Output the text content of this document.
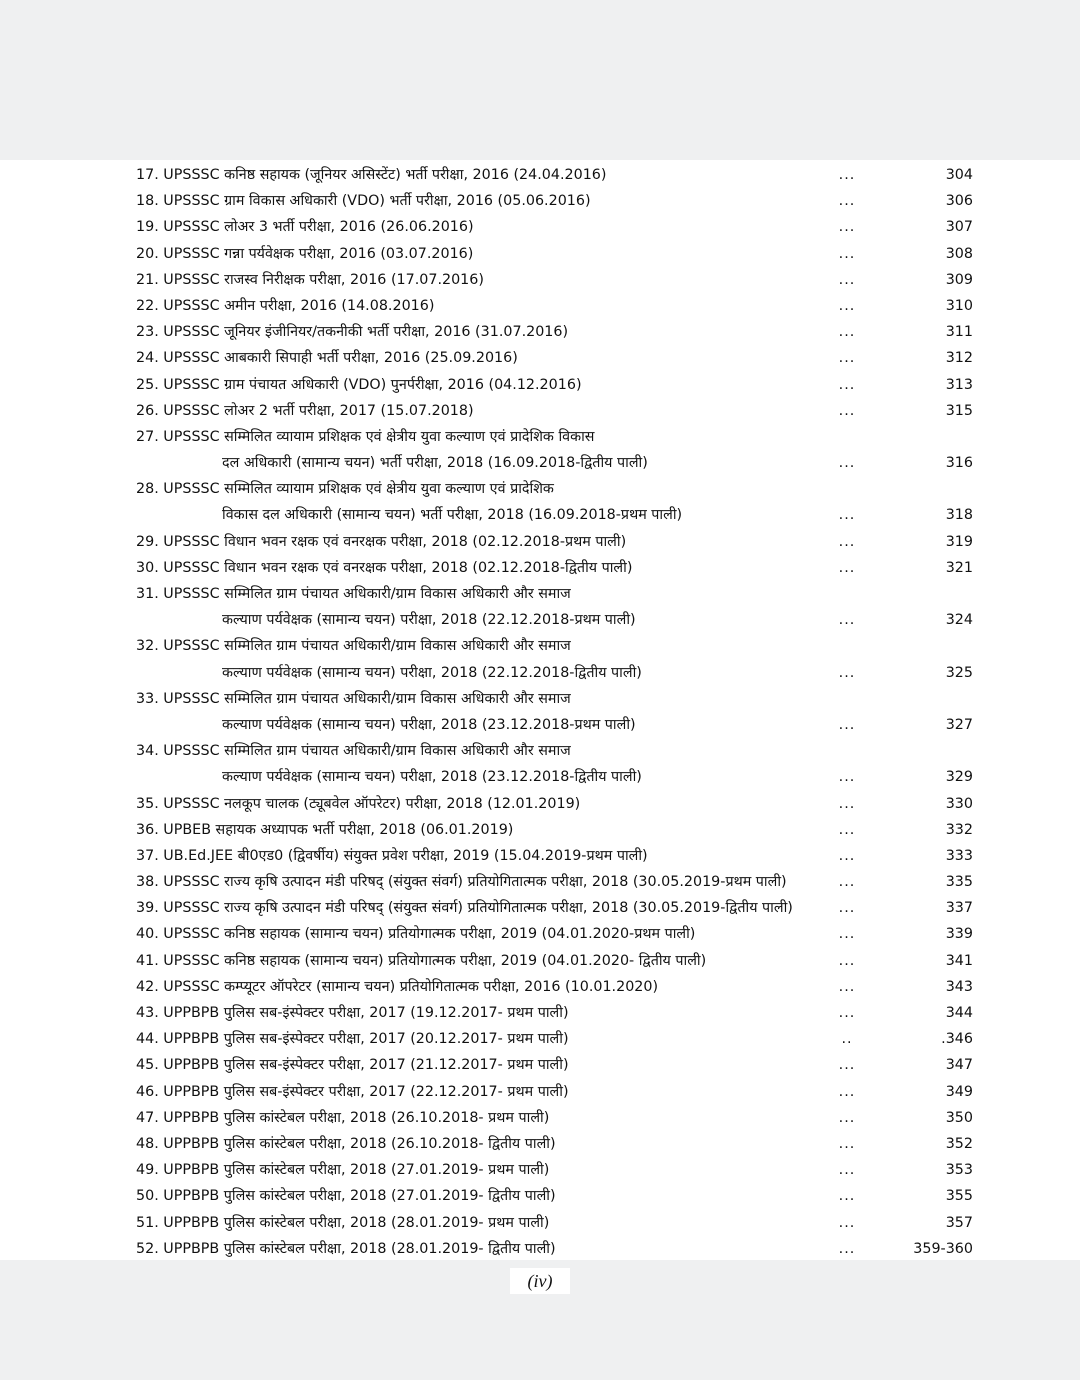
17. UPSSSC कनिष्ठ सहायक (जूनियर असिस्टेंट) भर्ती परीक्षा, 2016 (24.04.2016)	...	304
18. UPSSSC ग्राम विकास अधिकारी (VDO) भर्ती परीक्षा, 2016 (05.06.2016)	...	306
19. UPSSSC लोअर 3 भर्ती परीक्षा, 2016 (26.06.2016)	...	307
20. UPSSSC गन्ना पर्यवेक्षक परीक्षा, 2016 (03.07.2016)	...	308
21. UPSSSC राजस्व निरीक्षक परीक्षा, 2016 (17.07.2016)	...	309
22. UPSSSC अमीन परीक्षा, 2016 (14.08.2016)	...	310
23. UPSSSC जूनियर इंजीनियर/तकनीकी भर्ती परीक्षा, 2016 (31.07.2016)	...	311
24. UPSSSC आबकारी सिपाही भर्ती परीक्षा, 2016 (25.09.2016)	...	312
25. UPSSSC ग्राम पंचायत अधिकारी (VDO) पुनर्परीक्षा, 2016 (04.12.2016)	...	313
26. UPSSSC लोअर 2 भर्ती परीक्षा, 2017 (15.07.2018)	...	315
27. UPSSSC सम्मिलित व्यायाम प्रशिक्षक एवं क्षेत्रीय युवा कल्याण एवं प्रादेशिक विकास
दल अधिकारी (सामान्य चयन) भर्ती परीक्षा, 2018 (16.09.2018-द्वितीय पाली)	...	316
28. UPSSSC सम्मिलित व्यायाम प्रशिक्षक एवं क्षेत्रीय युवा कल्याण एवं प्रादेशिक
विकास दल अधिकारी (सामान्य चयन) भर्ती परीक्षा, 2018 (16.09.2018-प्रथम पाली)	...	318
29. UPSSSC विधान भवन रक्षक एवं वनरक्षक परीक्षा, 2018 (02.12.2018-प्रथम पाली)	...	319
30. UPSSSC विधान भवन रक्षक एवं वनरक्षक परीक्षा, 2018 (02.12.2018-द्वितीय पाली)	...	321
31. UPSSSC सम्मिलित ग्राम पंचायत अधिकारी/ग्राम विकास अधिकारी और समाज
कल्याण पर्यवेक्षक (सामान्य चयन) परीक्षा, 2018 (22.12.2018-प्रथम पाली)	...	324
32. UPSSSC सम्मिलित ग्राम पंचायत अधिकारी/ग्राम विकास अधिकारी और समाज
कल्याण पर्यवेक्षक (सामान्य चयन) परीक्षा, 2018 (22.12.2018-द्वितीय पाली)	...	325
33. UPSSSC सम्मिलित ग्राम पंचायत अधिकारी/ग्राम विकास अधिकारी और समाज
कल्याण पर्यवेक्षक (सामान्य चयन) परीक्षा, 2018 (23.12.2018-प्रथम पाली)	...	327
34. UPSSSC सम्मिलित ग्राम पंचायत अधिकारी/ग्राम विकास अधिकारी और समाज
कल्याण पर्यवेक्षक (सामान्य चयन) परीक्षा, 2018 (23.12.2018-द्वितीय पाली)	...	329
35. UPSSSC नलकूप चालक (ट्यूबवेल ऑपरेटर) परीक्षा, 2018 (12.01.2019)	...	330
36. UPBEB सहायक अध्यापक भर्ती परीक्षा, 2018 (06.01.2019)	...	332
37. UB.Ed.JEE बी0एड0 (द्विवर्षीय) संयुक्त प्रवेश परीक्षा, 2019 (15.04.2019-प्रथम पाली)	...	333
38. UPSSSC राज्य कृषि उत्पादन मंडी परिषद् (संयुक्त संवर्ग) प्रतियोगितात्मक परीक्षा, 2018 (30.05.2019-प्रथम पाली)	...	335
39. UPSSSC राज्य कृषि उत्पादन मंडी परिषद् (संयुक्त संवर्ग) प्रतियोगितात्मक परीक्षा, 2018 (30.05.2019-द्वितीय पाली)	...	337
40. UPSSSC कनिष्ठ सहायक (सामान्य चयन) प्रतियोगात्मक परीक्षा, 2019 (04.01.2020-प्रथम पाली)	...	339
41. UPSSSC कनिष्ठ सहायक (सामान्य चयन) प्रतियोगात्मक परीक्षा, 2019 (04.01.2020- द्वितीय पाली)	...	341
42. UPSSSC कम्प्यूटर ऑपरेटर (सामान्य चयन) प्रतियोगितात्मक परीक्षा, 2016 (10.01.2020)	...	343
43. UPPBPB पुलिस सब-इंस्पेक्टर परीक्षा, 2017 (19.12.2017- प्रथम पाली)	...	344
44. UPPBPB पुलिस सब-इंस्पेक्टर परीक्षा, 2017 (20.12.2017- प्रथम पाली)	..	.346
45. UPPBPB पुलिस सब-इंस्पेक्टर परीक्षा, 2017 (21.12.2017- प्रथम पाली)	...	347
46. UPPBPB पुलिस सब-इंस्पेक्टर परीक्षा, 2017 (22.12.2017- प्रथम पाली)	...	349
47. UPPBPB पुलिस कांस्टेबल परीक्षा, 2018 (26.10.2018- प्रथम पाली)	...	350
48. UPPBPB पुलिस कांस्टेबल परीक्षा, 2018 (26.10.2018- द्वितीय पाली)	...	352
49. UPPBPB पुलिस कांस्टेबल परीक्षा, 2018 (27.01.2019- प्रथम पाली)	...	353
50. UPPBPB पुलिस कांस्टेबल परीक्षा, 2018 (27.01.2019- द्वितीय पाली)	...	355
51. UPPBPB पुलिस कांस्टेबल परीक्षा, 2018 (28.01.2019- प्रथम पाली)	...	357
52. UPPBPB पुलिस कांस्टेबल परीक्षा, 2018 (28.01.2019- द्वितीय पाली)	...	359-360
(iv)
